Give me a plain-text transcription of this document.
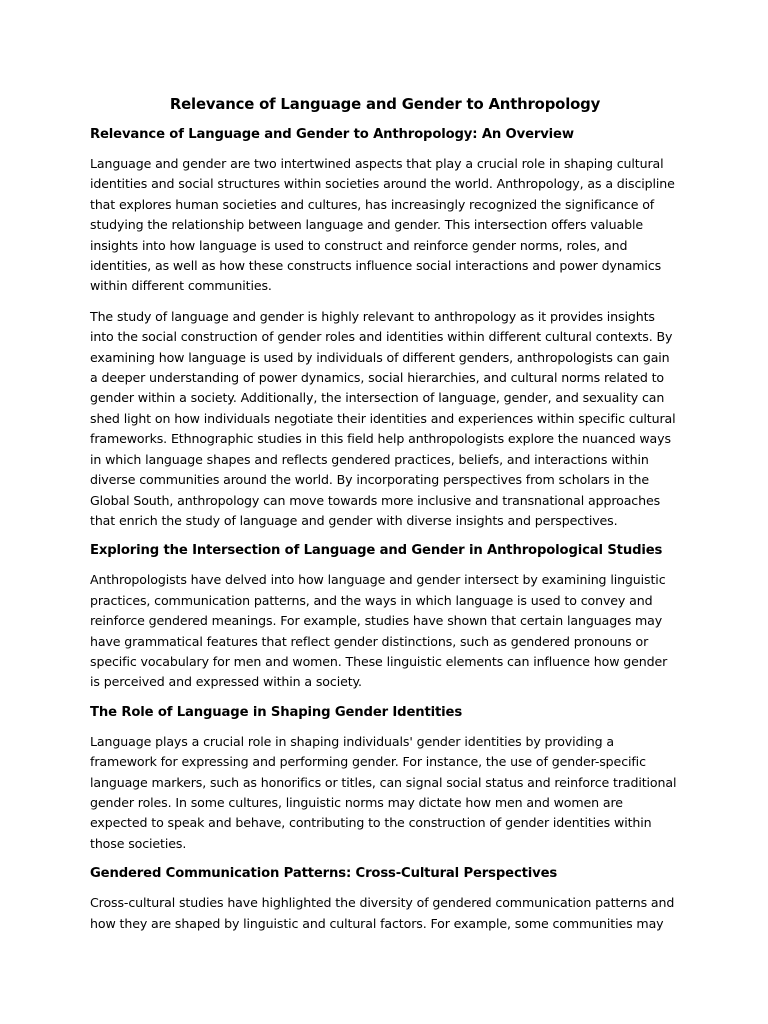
Relevance of Language and Gender to Anthropology
Relevance of Language and Gender to Anthropology: An Overview

Language and gender are two intertwined aspects that play a crucial role in shaping cultural identities and social structures within societies around the world. Anthropology, as a discipline that explores human societies and cultures, has increasingly recognized the significance of studying the relationship between language and gender. This intersection offers valuable insights into how language is used to construct and reinforce gender norms, roles, and identities, as well as how these constructs influence social interactions and power dynamics within different communities.

The study of language and gender is highly relevant to anthropology as it provides insights into the social construction of gender roles and identities within different cultural contexts. By examining how language is used by individuals of different genders, anthropologists can gain a deeper understanding of power dynamics, social hierarchies, and cultural norms related to gender within a society. Additionally, the intersection of language, gender, and sexuality can shed light on how individuals negotiate their identities and experiences within specific cultural frameworks. Ethnographic studies in this field help anthropologists explore the nuanced ways in which language shapes and reflects gendered practices, beliefs, and interactions within diverse communities around the world. By incorporating perspectives from scholars in the Global South, anthropology can move towards more inclusive and transnational approaches that enrich the study of language and gender with diverse insights and perspectives.

Exploring the Intersection of Language and Gender in Anthropological Studies

Anthropologists have delved into how language and gender intersect by examining linguistic practices, communication patterns, and the ways in which language is used to convey and reinforce gendered meanings. For example, studies have shown that certain languages may have grammatical features that reflect gender distinctions, such as gendered pronouns or specific vocabulary for men and women. These linguistic elements can influence how gender is perceived and expressed within a society.

The Role of Language in Shaping Gender Identities

Language plays a crucial role in shaping individuals' gender identities by providing a framework for expressing and performing gender. For instance, the use of gender-specific language markers, such as honorifics or titles, can signal social status and reinforce traditional gender roles. In some cultures, linguistic norms may dictate how men and women are expected to speak and behave, contributing to the construction of gender identities within those societies.

Gendered Communication Patterns: Cross-Cultural Perspectives

Cross-cultural studies have highlighted the diversity of gendered communication patterns and how they are shaped by linguistic and cultural factors. For example, some communities may
